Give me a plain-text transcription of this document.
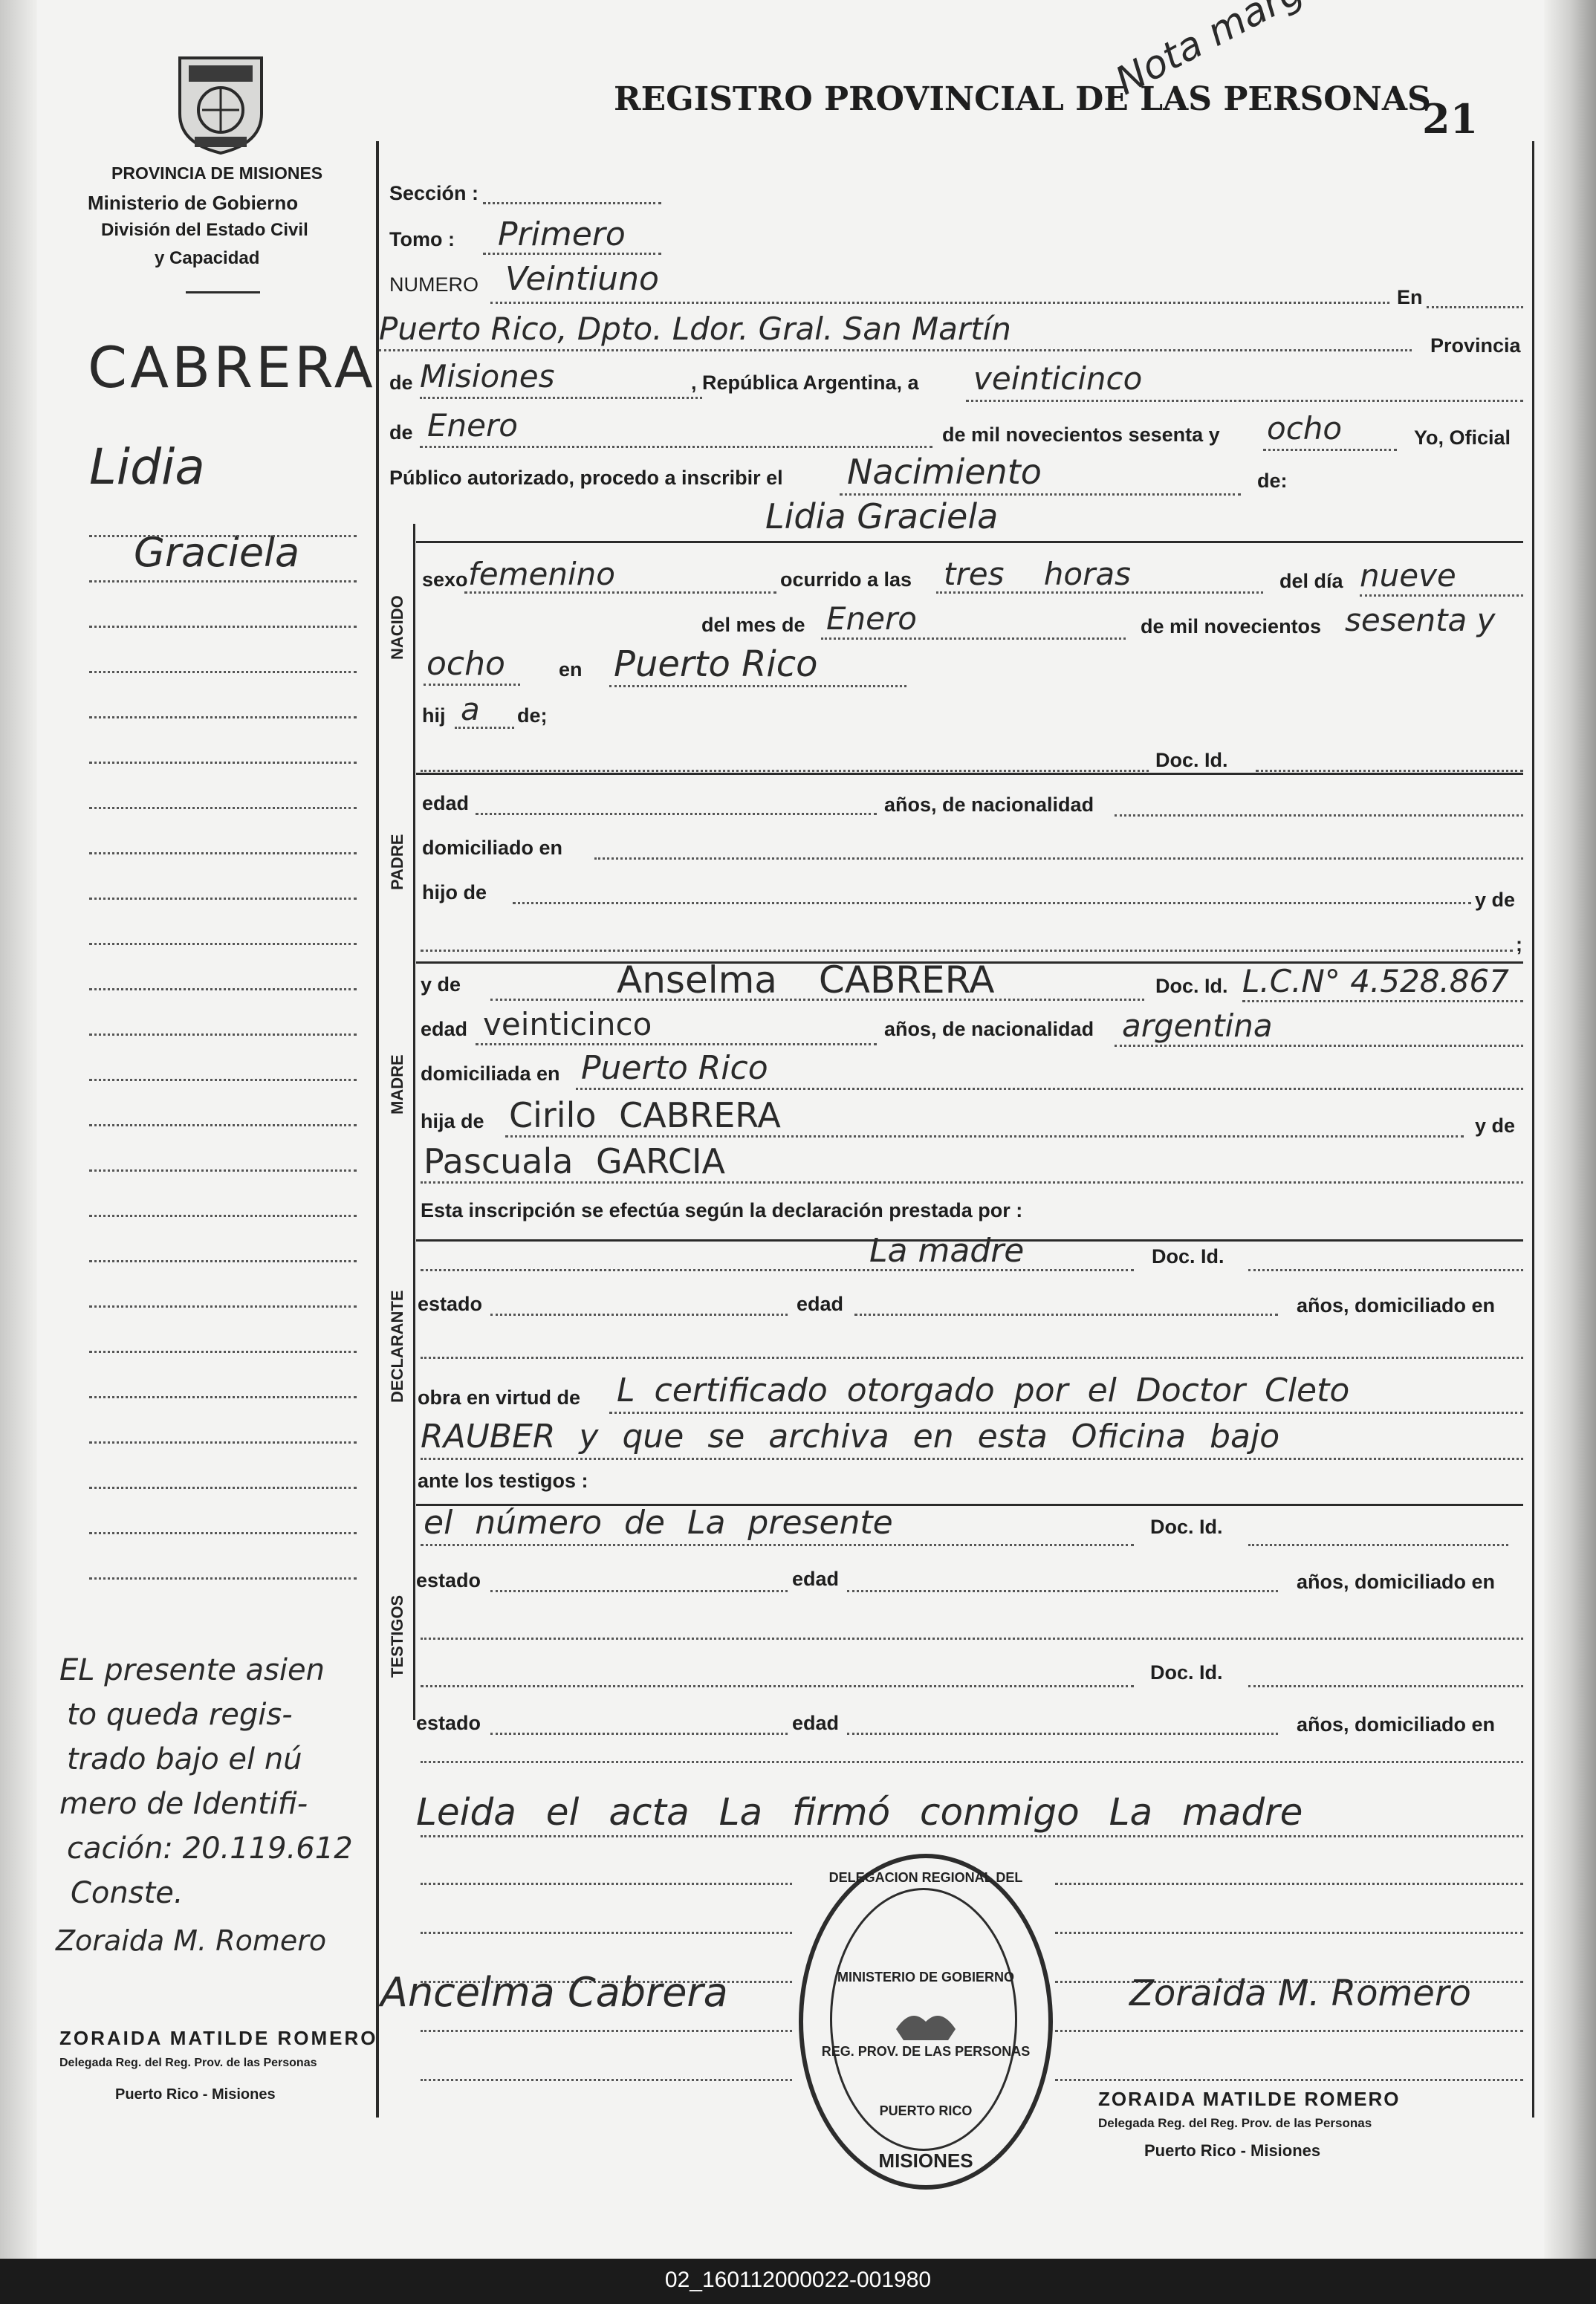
PROVINCIA DE MISIONES
Ministerio de Gobierno
División del Estado Civil
y Capacidad
REGISTRO PROVINCIAL DE LAS PERSONAS
21
CABRERA
Lidia
Graciela
EL presente asien
to queda regis-
trado bajo el nú
mero de Identifi-
cación: 20.119.612
Conste.
Zoraida M. Romero
ZORAIDA MATILDE ROMERO
Delegada Reg. del Reg. Prov. de las Personas
Puerto Rico - Misiones
Sección :
Tomo : Primero
NUMERO Veintiuno	En
Puerto Rico, Dpto. Ldor. Gral. San Martín	Provincia
de Misiones	, República Argentina, a veinticinco
de Enero	de mil novecientos sesenta y ocho	Yo, Oficial
Público autorizado, procedo a inscribir el Nacimiento	de:
Lidia Graciela
NACIDO
sexo femenino	ocurrido a las tres horas	del día nueve
del mes de Enero	de mil novecientos sesenta y
ocho	en Puerto Rico
hij a de;
Doc. Id.
PADRE
edad	años, de nacionalidad
domiciliado en
hijo de	y de
;
MADRE
y de	Anselma CABRERA	Doc. Id. L.C.N° 4.528.867
edad veinticinco	años, de nacionalidad argentina
domiciliada en Puerto Rico
hija de Cirilo CABRERA	y de
Pascuala GARCIA
Esta inscripción se efectúa según la declaración prestada por :
DECLARANTE
La madre	Doc. Id.
estado	edad	años, domiciliado en
obra en virtud de L certificado otorgado por el Doctor Cleto
RAUBER y que se archiva en esta Oficina bajo
ante los testigos :
TESTIGOS
el número de La presente	Doc. Id.
estado	edad	años, domiciliado en
Doc. Id.
estado	edad	años, domiciliado en
Leida el acta La firmó conmigo La madre
DELEGACION REGIONAL DEL
MINISTERIO DE GOBIERNO
REG. PROV. DE LAS PERSONAS
PUERTO RICO
MISIONES
Ancelma Cabrera	Zoraida M. Romero
ZORAIDA MATILDE ROMERO
Delegada Reg. del Reg. Prov. de las Personas
Puerto Rico - Misiones
02_160112000022-001980
